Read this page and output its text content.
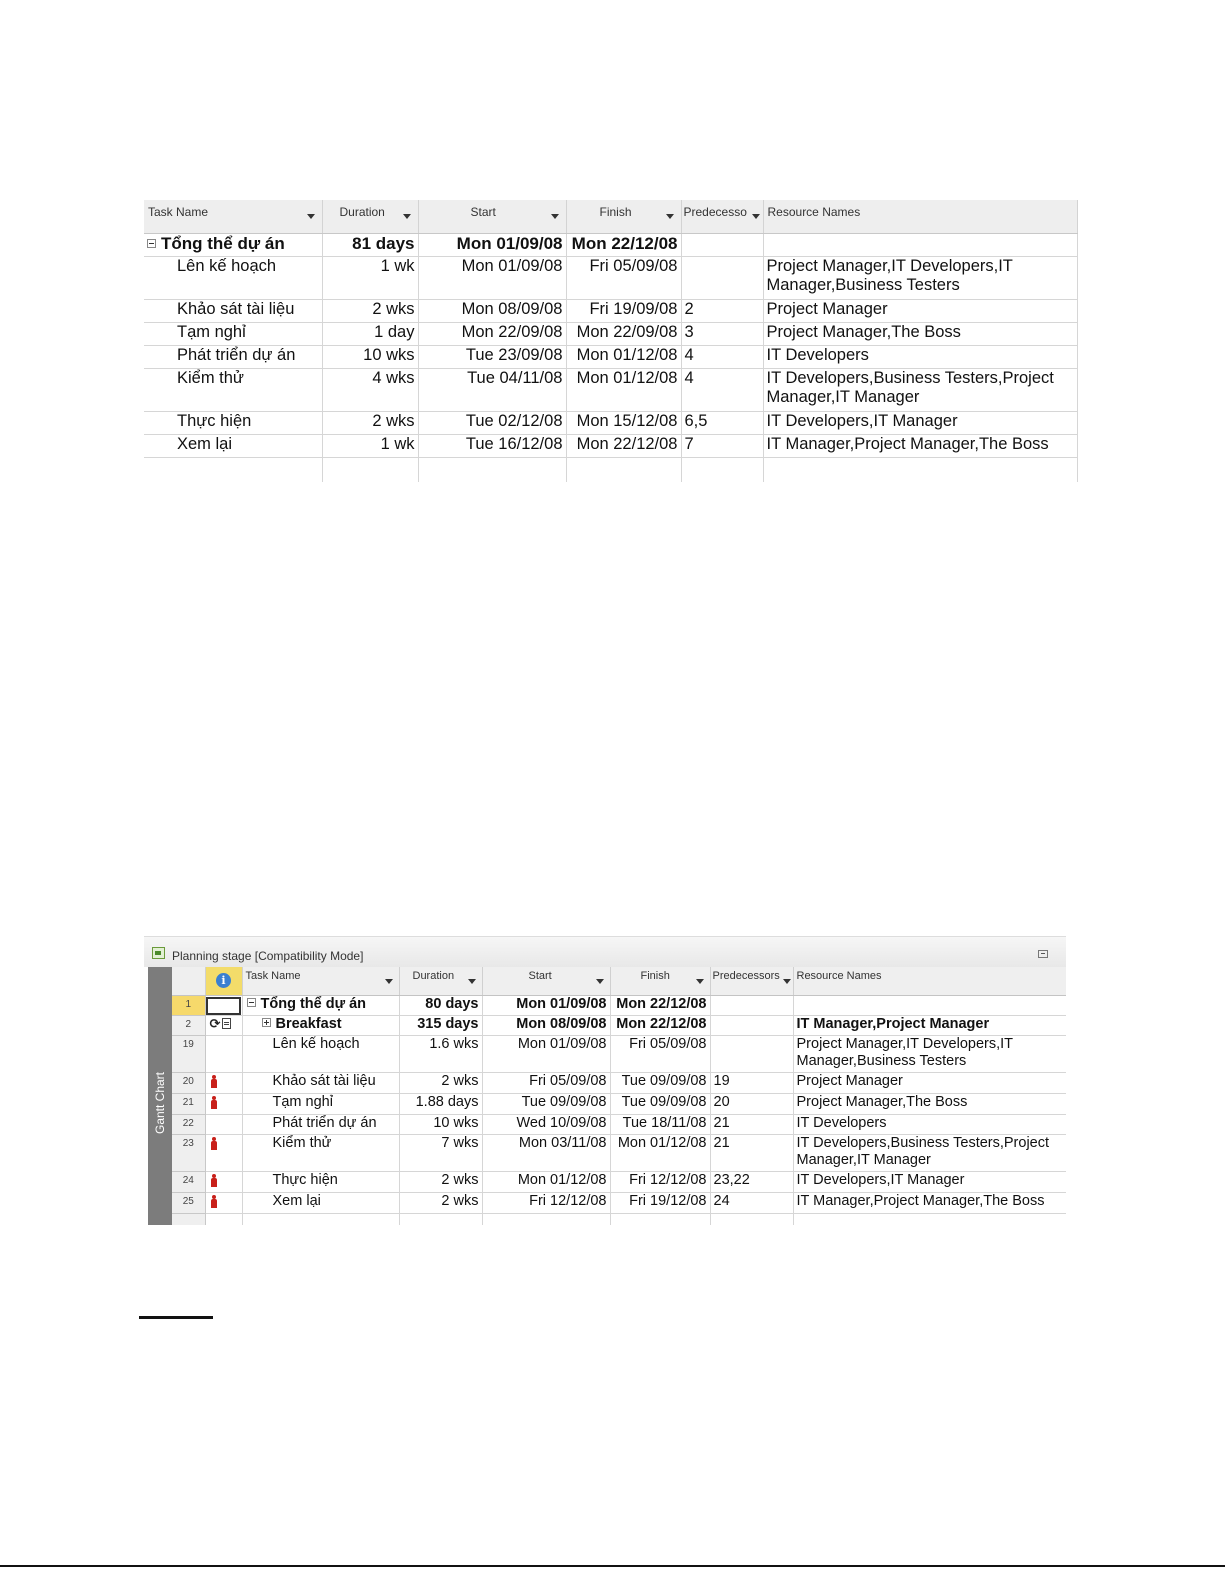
Task Name	Duration	Start	Finish	Predecesso	Resource Names
Tổng thể dự án	81 days	Mon 01/09/08	Mon 22/12/08		
Lên kế hoạch	1 wk	Mon 01/09/08	Fri 05/09/08		Project Manager,IT Developers,IT Manager,Business Testers
Khảo sát tài liệu	2 wks	Mon 08/09/08	Fri 19/09/08	2	Project Manager
Tạm nghỉ	1 day	Mon 22/09/08	Mon 22/09/08	3	Project Manager,The Boss
Phát triển dự án	10 wks	Tue 23/09/08	Mon 01/12/08	4	IT Developers
Kiểm thử	4 wks	Tue 04/11/08	Mon 01/12/08	4	IT Developers,Business Testers,Project Manager,IT Manager
Thực hiện	2 wks	Tue 02/12/08	Mon 15/12/08	6,5	IT Developers,IT Manager
Xem lại	1 wk	Tue 16/12/08	Mon 22/12/08	7	IT Manager,Project Manager,The Boss

Planning stage [Compatibility Mode]
Gantt Chart
	i	Task Name	Duration	Start	Finish	Predecessors	Resource Names
1		Tổng thể dự án	80 days	Mon 01/09/08	Mon 22/12/08		
2	⟳	Breakfast	315 days	Mon 08/09/08	Mon 22/12/08		IT Manager,Project Manager
19		Lên kế hoạch	1.6 wks	Mon 01/09/08	Fri 05/09/08		Project Manager,IT Developers,IT Manager,Business Testers
20		Khảo sát tài liệu	2 wks	Fri 05/09/08	Tue 09/09/08	19	Project Manager
21		Tạm nghỉ	1.88 days	Tue 09/09/08	Tue 09/09/08	20	Project Manager,The Boss
22		Phát triển dự án	10 wks	Wed 10/09/08	Tue 18/11/08	21	IT Developers
23		Kiểm thử	7 wks	Mon 03/11/08	Mon 01/12/08	21	IT Developers,Business Testers,Project Manager,IT Manager
24		Thực hiện	2 wks	Mon 01/12/08	Fri 12/12/08	23,22	IT Developers,IT Manager
25		Xem lại	2 wks	Fri 12/12/08	Fri 19/12/08	24	IT Manager,Project Manager,The Boss
